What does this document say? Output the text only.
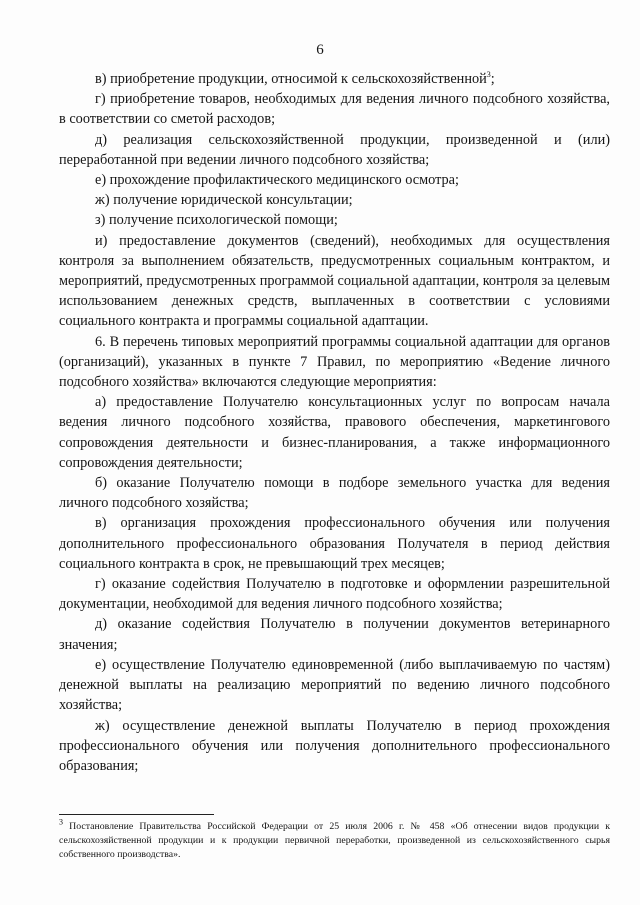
6

в) приобретение продукции, относимой к сельскохозяйственной$^3$;

г) приобретение товаров, необходимых для ведения личного подсобного хозяйства, в соответствии со сметой расходов;

д) реализация сельскохозяйственной продукции, произведенной и (или) переработанной при ведении личного подсобного хозяйства;

е) прохождение профилактического медицинского осмотра;

ж) получение юридической консультации;

з) получение психологической помощи;

и) предоставление документов (сведений), необходимых для осуществления контроля за выполнением обязательств, предусмотренных социальным контрактом, и мероприятий, предусмотренных программой социальной адаптации, контроля за целевым использованием денежных средств, выплаченных в соответствии с условиями социального контракта и программы социальной адаптации.

6. В перечень типовых мероприятий программы социальной адаптации для органов (организаций), указанных в пункте 7 Правил, по мероприятию «Ведение личного подсобного хозяйства» включаются следующие мероприятия:

а) предоставление Получателю консультационных услуг по вопросам начала ведения личного подсобного хозяйства, правового обеспечения, маркетингового сопровождения деятельности и бизнес-планирования, а также информационного сопровождения деятельности;

б) оказание Получателю помощи в подборе земельного участка для ведения личного подсобного хозяйства;

в) организация прохождения профессионального обучения или получения дополнительного профессионального образования Получателя в период действия социального контракта в срок, не превышающий трех месяцев;

г) оказание содействия Получателю в подготовке и оформлении разрешительной документации, необходимой для ведения личного подсобного хозяйства;

д) оказание содействия Получателю в получении документов ветеринарного значения;

е) осуществление Получателю единовременной (либо выплачиваемую по частям) денежной выплаты на реализацию мероприятий по ведению личного подсобного хозяйства;

ж) осуществление денежной выплаты Получателю в период прохождения профессионального обучения или получения дополнительного профессионального образования;

$^3$ Постановление Правительства Российской Федерации от 25 июля 2006 г. № 458 «Об отнесении видов продукции к сельскохозяйственной продукции и к продукции первичной переработки, произведенной из сельскохозяйственного сырья собственного производства».
